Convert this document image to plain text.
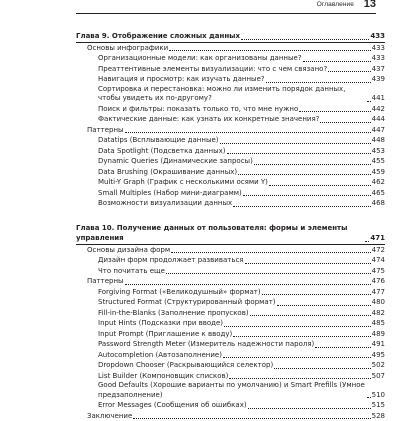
Оглавление 13
Глава 9. Отображение сложных данных	433
Основы инфографики	433
Организационные модели: как организованы данные?	433
Преаттентивные элементы визуализации: что с чем связано?	437
Навигация и просмотр: как изучать данные?	439
Сортировка и перестановка: можно ли изменить порядок данных, чтобы увидеть их по-другому?	441
Поиск и фильтры: показать только то, что мне нужно	442
Фактические данные: как узнать их конкретные значения?	444
Паттерны	447
Datatips (Всплывающие данные)	448
Data Spotlight (Подсветка данных)	453
Dynamic Queries (Динамические запросы)	455
Data Brushing (Окрашивание данных)	459
Multi-Y Graph (График с несколькими осями Y)	462
Small Multiples (Набор мини-диаграмм)	465
Возможности визуализации данных	468
Глава 10. Получение данных от пользователя: формы и элементы управления	471
Основы дизайна форм	472
Дизайн форм продолжает развиваться	474
Что почитать еще	475
Паттерны	476
Forgiving Format («Великодушный» формат)	477
Structured Format (Структурированный формат)	480
Fill-in-the-Blanks (Заполнение пропусков)	482
Input Hints (Подсказки при вводе)	485
Input Prompt (Приглашение к вводу)	489
Password Strength Meter (Измеритель надежности пароля)	491
Autocompletion (Автозаполнение)	495
Dropdown Chooser (Раскрывающийся селектор)	502
List Builder (Компоновщик списков)	507
Good Defaults (Хорошие варианты по умолчанию) и Smart Prefills (Умное предзаполнение)	510
Error Messages (Сообщения об ошибках)	515
Заключение	528
